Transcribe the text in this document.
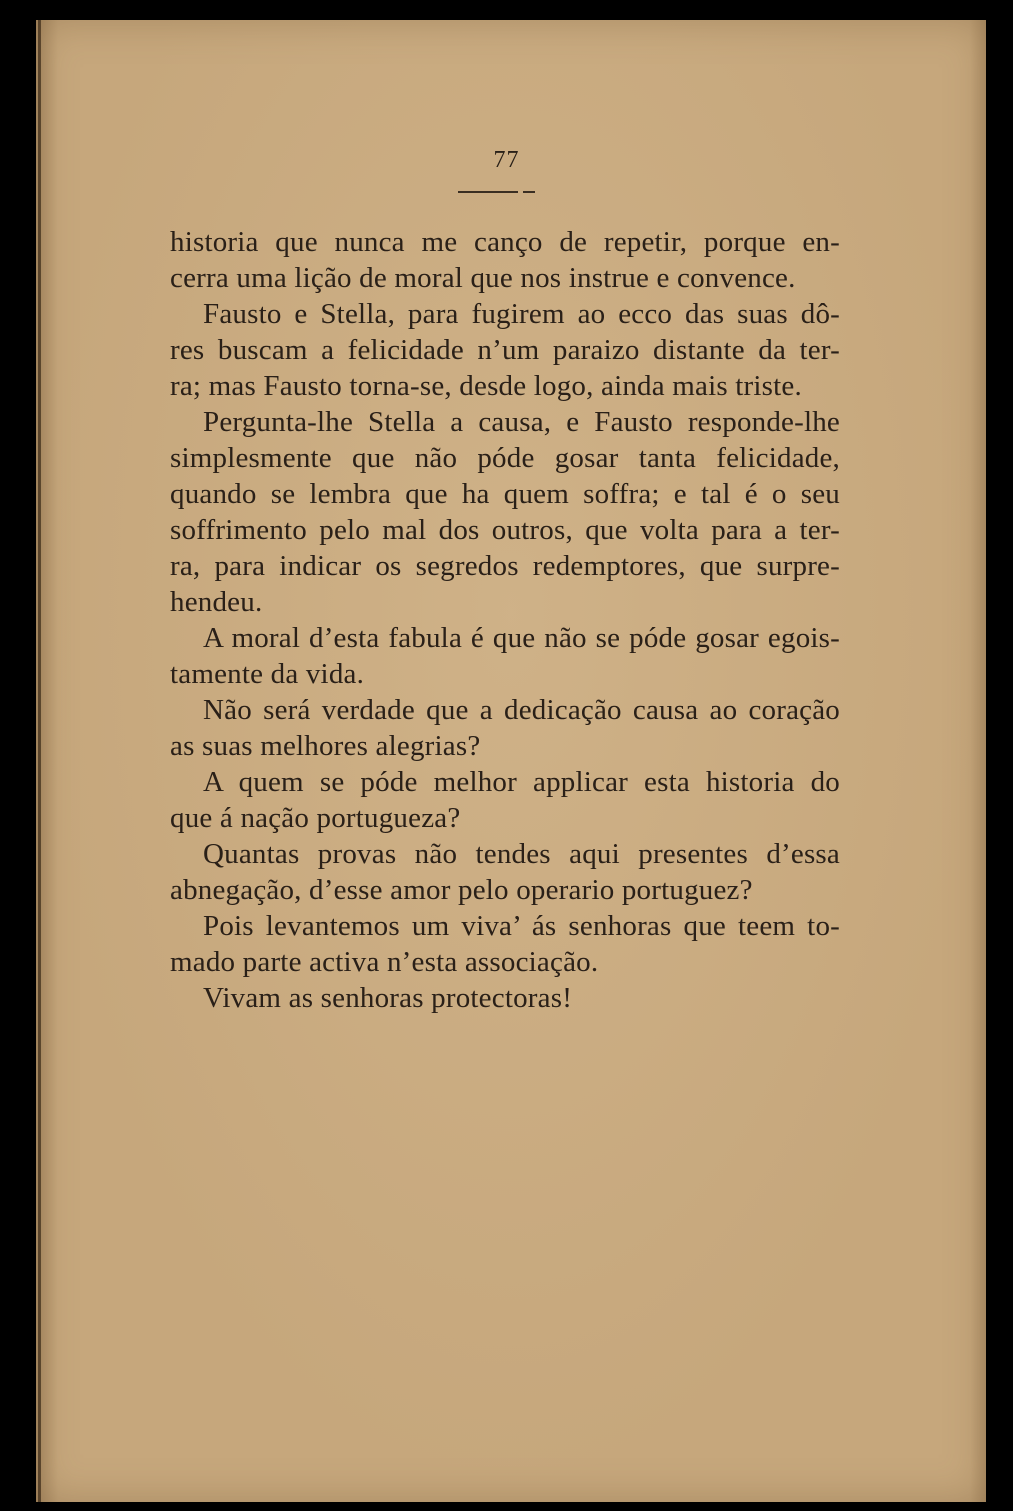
77
historia que nunca me canço de repetir, porque en-
cerra uma lição de moral que nos instrue e convence.
Fausto e Stella, para fugirem ao ecco das suas dô-
res buscam a felicidade n’um paraizo distante da ter-
ra; mas Fausto torna-se, desde logo, ainda mais triste.
Pergunta-lhe Stella a causa, e Fausto responde-lhe
simplesmente que não póde gosar tanta felicidade,
quando se lembra que ha quem soffra; e tal é o seu
soffrimento pelo mal dos outros, que volta para a ter-
ra, para indicar os segredos redemptores, que surpre-
hendeu.
A moral d’esta fabula é que não se póde gosar egois-
tamente da vida.
Não será verdade que a dedicação causa ao coração
as suas melhores alegrias?
A quem se póde melhor applicar esta historia do
que á nação portugueza?
Quantas provas não tendes aqui presentes d’essa
abnegação, d’esse amor pelo operario portuguez?
Pois levantemos um viva’ ás senhoras que teem to-
mado parte activa n’esta associação.
Vivam as senhoras protectoras!
